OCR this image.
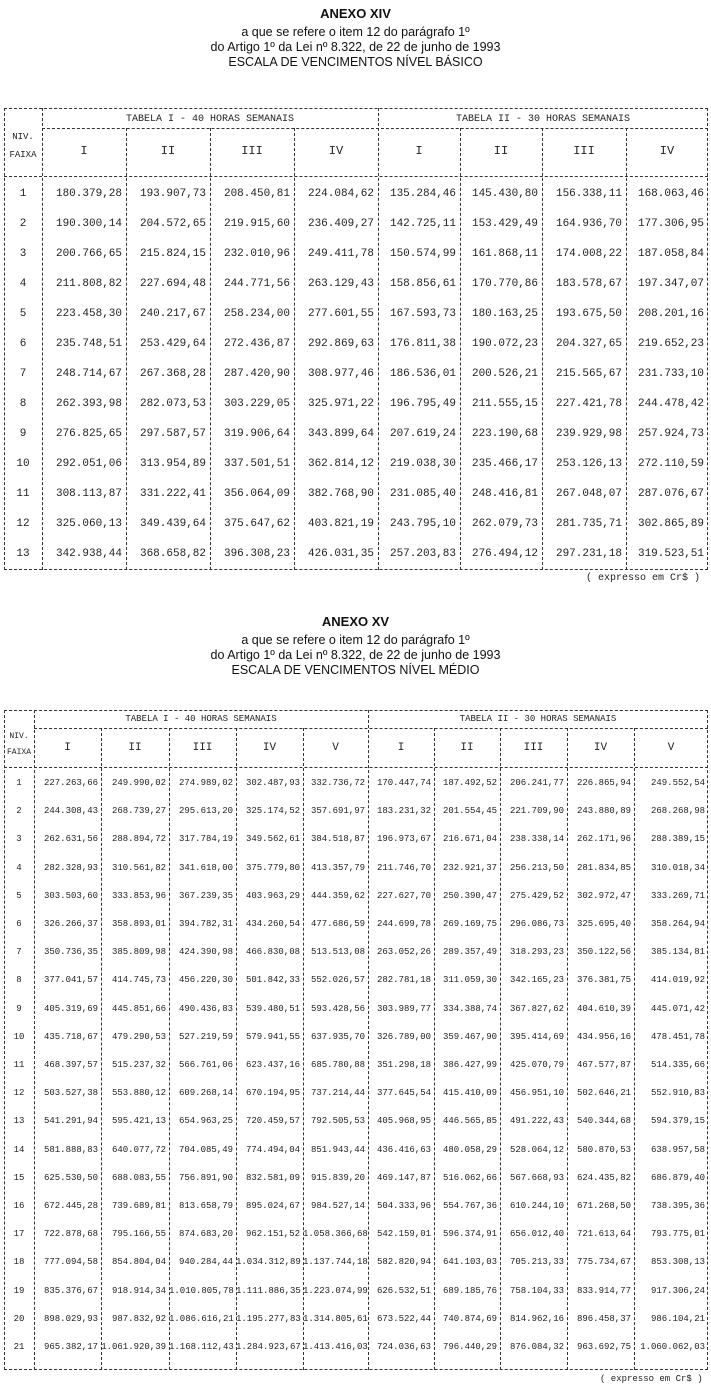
ANEXO XIV
a que se refere o item 12 do parágrafo 1º
do Artigo 1º da Lei nº 8.322, de 22 de junho de 1993
ESCALA DE VENCIMENTOS NÍVEL BÁSICO
TABELA I - 40 HORAS SEMANAIS	TABELA II - 30 HORAS SEMANAIS
NIV.
FAIXA	I	II	III	IV	I	II	III	IV
1	180.379,28	193.907,73	208.450,81	224.084,62	135.284,46	145.430,80	156.338,11	168.063,46
2	190.300,14	204.572,65	219.915,60	236.409,27	142.725,11	153.429,49	164.936,70	177.306,95
3	200.766,65	215.824,15	232.010,96	249.411,78	150.574,99	161.868,11	174.008,22	187.058,84
4	211.808,82	227.694,48	244.771,56	263.129,43	158.856,61	170.770,86	183.578,67	197.347,07
5	223.458,30	240.217,67	258.234,00	277.601,55	167.593,73	180.163,25	193.675,50	208.201,16
6	235.748,51	253.429,64	272.436,87	292.869,63	176.811,38	190.072,23	204.327,65	219.652,23
7	248.714,67	267.368,28	287.420,90	308.977,46	186.536,01	200.526,21	215.565,67	231.733,10
8	262.393,98	282.073,53	303.229,05	325.971,22	196.795,49	211.555,15	227.421,78	244.478,42
9	276.825,65	297.587,57	319.906,64	343.899,64	207.619,24	223.190,68	239.929,98	257.924,73
10	292.051,06	313.954,89	337.501,51	362.814,12	219.038,30	235.466,17	253.126,13	272.110,59
11	308.113,87	331.222,41	356.064,09	382.768,90	231.085,40	248.416,81	267.048,07	287.076,67
12	325.060,13	349.439,64	375.647,62	403.821,19	243.795,10	262.079,73	281.735,71	302.865,89
13	342.938,44	368.658,82	396.308,23	426.031,35	257.203,83	276.494,12	297.231,18	319.523,51
( expresso em Cr$ )
ANEXO XV
a que se refere o item 12 do parágrafo 1º
do Artigo 1º da Lei nº 8.322, de 22 de junho de 1993
ESCALA DE VENCIMENTOS NÍVEL MÉDIO
TABELA I - 40 HORAS SEMANAIS	TABELA II - 30 HORAS SEMANAIS
NIV.
FAIXA	I	II	III	IV	V	I	II	III	IV	V
1	227.263,66	249.990,02	274.989,02	302.487,93	332.736,72	170.447,74	187.492,52	206.241,77	226.865,94	249.552,54
2	244.308,43	268.739,27	295.613,20	325.174,52	357.691,97	183.231,32	201.554,45	221.709,90	243.880,89	268.268,98
3	262.631,56	288.894,72	317.784,19	349.562,61	384.518,87	196.973,67	216.671,04	238.338,14	262.171,96	288.389,15
4	282.328,93	310.561,82	341.618,00	375.779,80	413.357,79	211.746,70	232.921,37	256.213,50	281.834,85	310.018,34
5	303.503,60	333.853,96	367.239,35	403.963,29	444.359,62	227.627,70	250.390,47	275.429,52	302.972,47	333.269,71
6	326.266,37	358.893,01	394.782,31	434.260,54	477.686,59	244.699,78	269.169,75	296.086,73	325.695,40	358.264,94
7	350.736,35	385.809,98	424.390,98	466.830,08	513.513,08	263.052,26	289.357,49	318.293,23	350.122,56	385.134,81
8	377.041,57	414.745,73	456.220,30	501.842,33	552.026,57	282.781,18	311.059,30	342.165,23	376.381,75	414.019,92
9	405.319,69	445.851,66	490.436,83	539.480,51	593.428,56	303.989,77	334.388,74	367.827,62	404.610,39	445.071,42
10	435.718,67	479.290,53	527.219,59	579.941,55	637.935,70	326.789,00	359.467,90	395.414,69	434.956,16	478.451,78
11	468.397,57	515.237,32	566.761,06	623.437,16	685.780,88	351.298,18	386.427,99	425.070,79	467.577,87	514.335,66
12	503.527,38	553.880,12	609.268,14	670.194,95	737.214,44	377.645,54	415.410,09	456.951,10	502.646,21	552.910,83
13	541.291,94	595.421,13	654.963,25	720.459,57	792.505,53	405.968,95	446.565,85	491.222,43	540.344,68	594.379,15
14	581.888,83	640.077,72	704.085,49	774.494,04	851.943,44	436.416,63	480.058,29	528.064,12	580.870,53	638.957,58
15	625.530,50	688.083,55	756.891,90	832.581,09	915.839,20	469.147,87	516.062,66	567.668,93	624.435,82	686.879,40
16	672.445,28	739.689,81	813.658,79	895.024,67	984.527,14	504.333,96	554.767,36	610.244,10	671.268,50	738.395,36
17	722.878,68	795.166,55	874.683,20	962.151,52 1.058.366,68	542.159,01	596.374,91	656.012,40	721.613,64	793.775,01
18	777.094,58	854.804,04	940.284,44 1.034.312,89 1.137.744,18	582.820,94	641.103,03	705.213,33	775.734,67	853.308,13
19	835.376,67	918.914,34 1.010.805,78 1.111.886,35 1.223.074,99	626.532,51	689.185,76	758.104,33	833.914,77	917.306,24
20	898.029,93	987.832,92 1.086.616,21 1.195.277,83 1.314.805,61	673.522,44	740.874,69	814.962,16	896.458,37	986.104,21
21	965.382,17 1.061.920,39 1.168.112,43 1.284.923,67 1.413.416,03	724.036,63	796.440,29	876.084,32	963.692,75	1.060.062,03
( expresso em Cr$ )
